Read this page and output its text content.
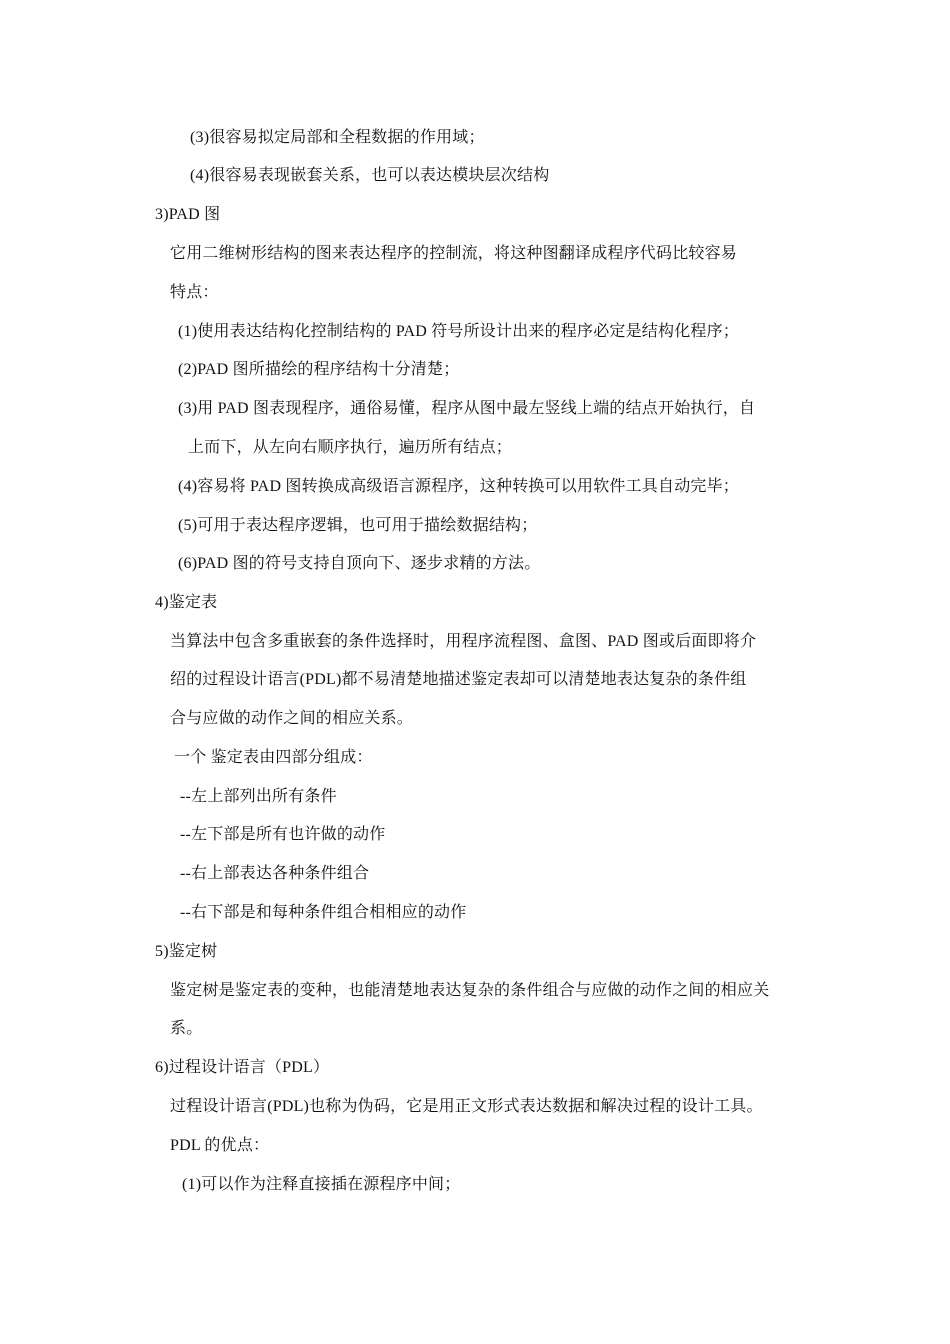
(3)很容易拟定局部和全程数据的作用域；
(4)很容易表现嵌套关系，也可以表达模块层次结构
3)PAD 图
它用二维树形结构的图来表达程序的控制流，将这种图翻译成程序代码比较容易
特点：
(1)使用表达结构化控制结构的 PAD 符号所设计出来的程序必定是结构化程序；
(2)PAD 图所描绘的程序结构十分清楚；
(3)用 PAD 图表现程序，通俗易懂，程序从图中最左竖线上端的结点开始执行，自
上而下，从左向右顺序执行，遍历所有结点；
(4)容易将 PAD 图转换成高级语言源程序，这种转换可以用软件工具自动完毕；
(5)可用于表达程序逻辑，也可用于描绘数据结构；
(6)PAD 图的符号支持自顶向下、逐步求精的方法。
4)鉴定表
当算法中包含多重嵌套的条件选择时，用程序流程图、盒图、PAD 图或后面即将介
绍的过程设计语言(PDL)都不易清楚地描述鉴定表却可以清楚地表达复杂的条件组
合与应做的动作之间的相应关系。
一个 鉴定表由四部分组成：
--左上部列出所有条件
--左下部是所有也许做的动作
--右上部表达各种条件组合
--右下部是和每种条件组合相相应的动作
5)鉴定树
鉴定树是鉴定表的变种，也能清楚地表达复杂的条件组合与应做的动作之间的相应关
系。
6)过程设计语言（PDL）
过程设计语言(PDL)也称为伪码，它是用正文形式表达数据和解决过程的设计工具。
PDL 的优点：
(1)可以作为注释直接插在源程序中间；
